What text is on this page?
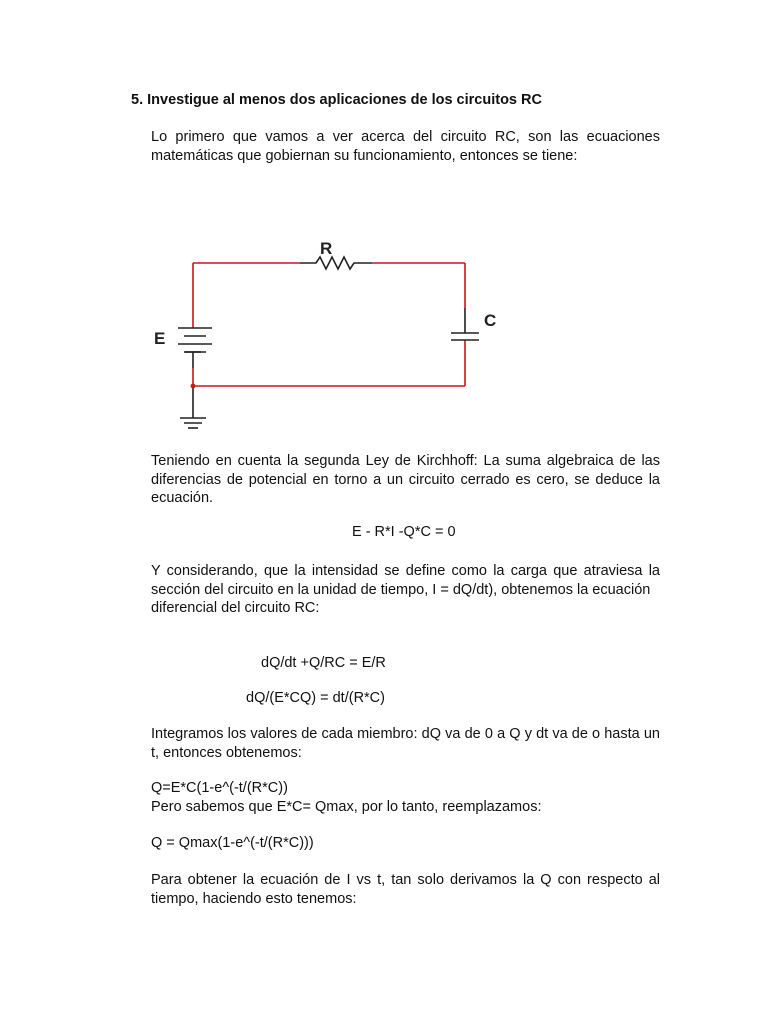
5. Investigue al menos dos aplicaciones de los circuitos RC
Lo primero que vamos a ver acerca del circuito RC, son las ecuaciones matemáticas que gobiernan su funcionamiento, entonces se tiene:
R
C
E
Teniendo en cuenta la segunda Ley de Kirchhoff: La suma algebraica de las diferencias de potencial en torno a un circuito cerrado es cero, se deduce la ecuación.
E - R*I -Q*C = 0
Y considerando, que la intensidad se define como la carga que atraviesa la sección del circuito en la unidad de tiempo, I = dQ/dt), obtenemos la ecuación
diferencial del circuito RC:
dQ/dt +Q/RC = E/R
dQ/(E*CQ) = dt/(R*C)
Integramos los valores de cada miembro: dQ va de 0 a Q y dt va de o hasta un t, entonces obtenemos:
Q=E*C(1-e^(-t/(R*C))
Pero sabemos que E*C= Qmax, por lo tanto, reemplazamos:
Q = Qmax(1-e^(-t/(R*C)))
Para obtener la ecuación de I vs t, tan solo derivamos la Q con respecto al tiempo, haciendo esto tenemos:
